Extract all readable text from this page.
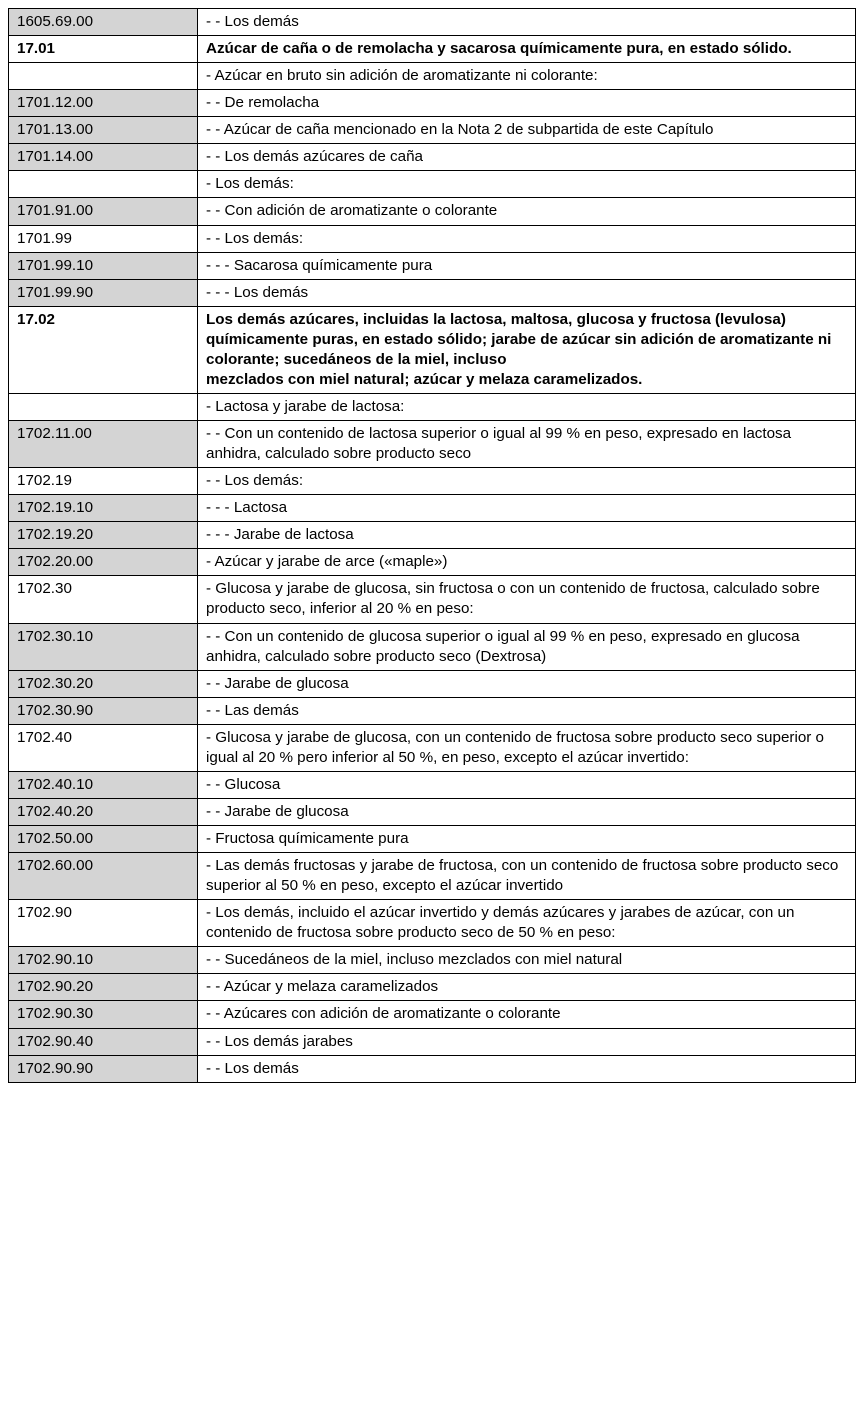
1605.69.00	- - Los demás
17.01	Azúcar de caña o de remolacha y sacarosa químicamente pura, en estado sólido.
	- Azúcar en bruto sin adición de aromatizante ni colorante:
1701.12.00	- - De remolacha
1701.13.00	- - Azúcar de caña mencionado en la Nota 2 de subpartida de este Capítulo
1701.14.00	- - Los demás azúcares de caña
	- Los demás:
1701.91.00	- - Con adición de aromatizante o colorante
1701.99	- - Los demás:
1701.99.10	- - - Sacarosa químicamente pura
1701.99.90	- - - Los demás
17.02	Los demás azúcares, incluidas la lactosa, maltosa, glucosa y fructosa (levulosa) químicamente puras, en estado sólido; jarabe de azúcar sin adición de aromatizante ni colorante; sucedáneos de la miel, incluso
mezclados con miel natural; azúcar y melaza caramelizados.

	- Lactosa y jarabe de lactosa:
1702.11.00	- - Con un contenido de lactosa superior o igual al 99 % en peso, expresado en lactosa anhidra, calculado sobre producto seco
1702.19	- - Los demás:
1702.19.10	- - - Lactosa
1702.19.20	- - - Jarabe de lactosa
1702.20.00	- Azúcar y jarabe de arce («maple»)
1702.30	- Glucosa y jarabe de glucosa, sin fructosa o con un contenido de fructosa, calculado sobre producto seco, inferior al 20 % en peso:
1702.30.10	- - Con un contenido de glucosa superior o igual al 99 % en peso, expresado en glucosa anhidra, calculado sobre producto seco (Dextrosa)
1702.30.20	- - Jarabe de glucosa
1702.30.90	- - Las demás
1702.40	- Glucosa y jarabe de glucosa, con un contenido de fructosa sobre producto seco superior o igual al 20 % pero inferior al 50 %, en peso, excepto el azúcar invertido:
1702.40.10	- - Glucosa
1702.40.20	- - Jarabe de glucosa
1702.50.00	- Fructosa químicamente pura
1702.60.00	- Las demás fructosas y jarabe de fructosa, con un contenido de fructosa sobre producto seco superior al 50 % en peso, excepto el azúcar invertido
1702.90	- Los demás, incluido el azúcar invertido y demás azúcares y jarabes de azúcar, con un contenido de fructosa sobre producto seco de 50 % en peso:
1702.90.10	- - Sucedáneos de la miel, incluso mezclados con miel natural
1702.90.20	- - Azúcar y melaza caramelizados
1702.90.30	- - Azúcares con adición de aromatizante o colorante
1702.90.40	- - Los demás jarabes
1702.90.90	- - Los demás
